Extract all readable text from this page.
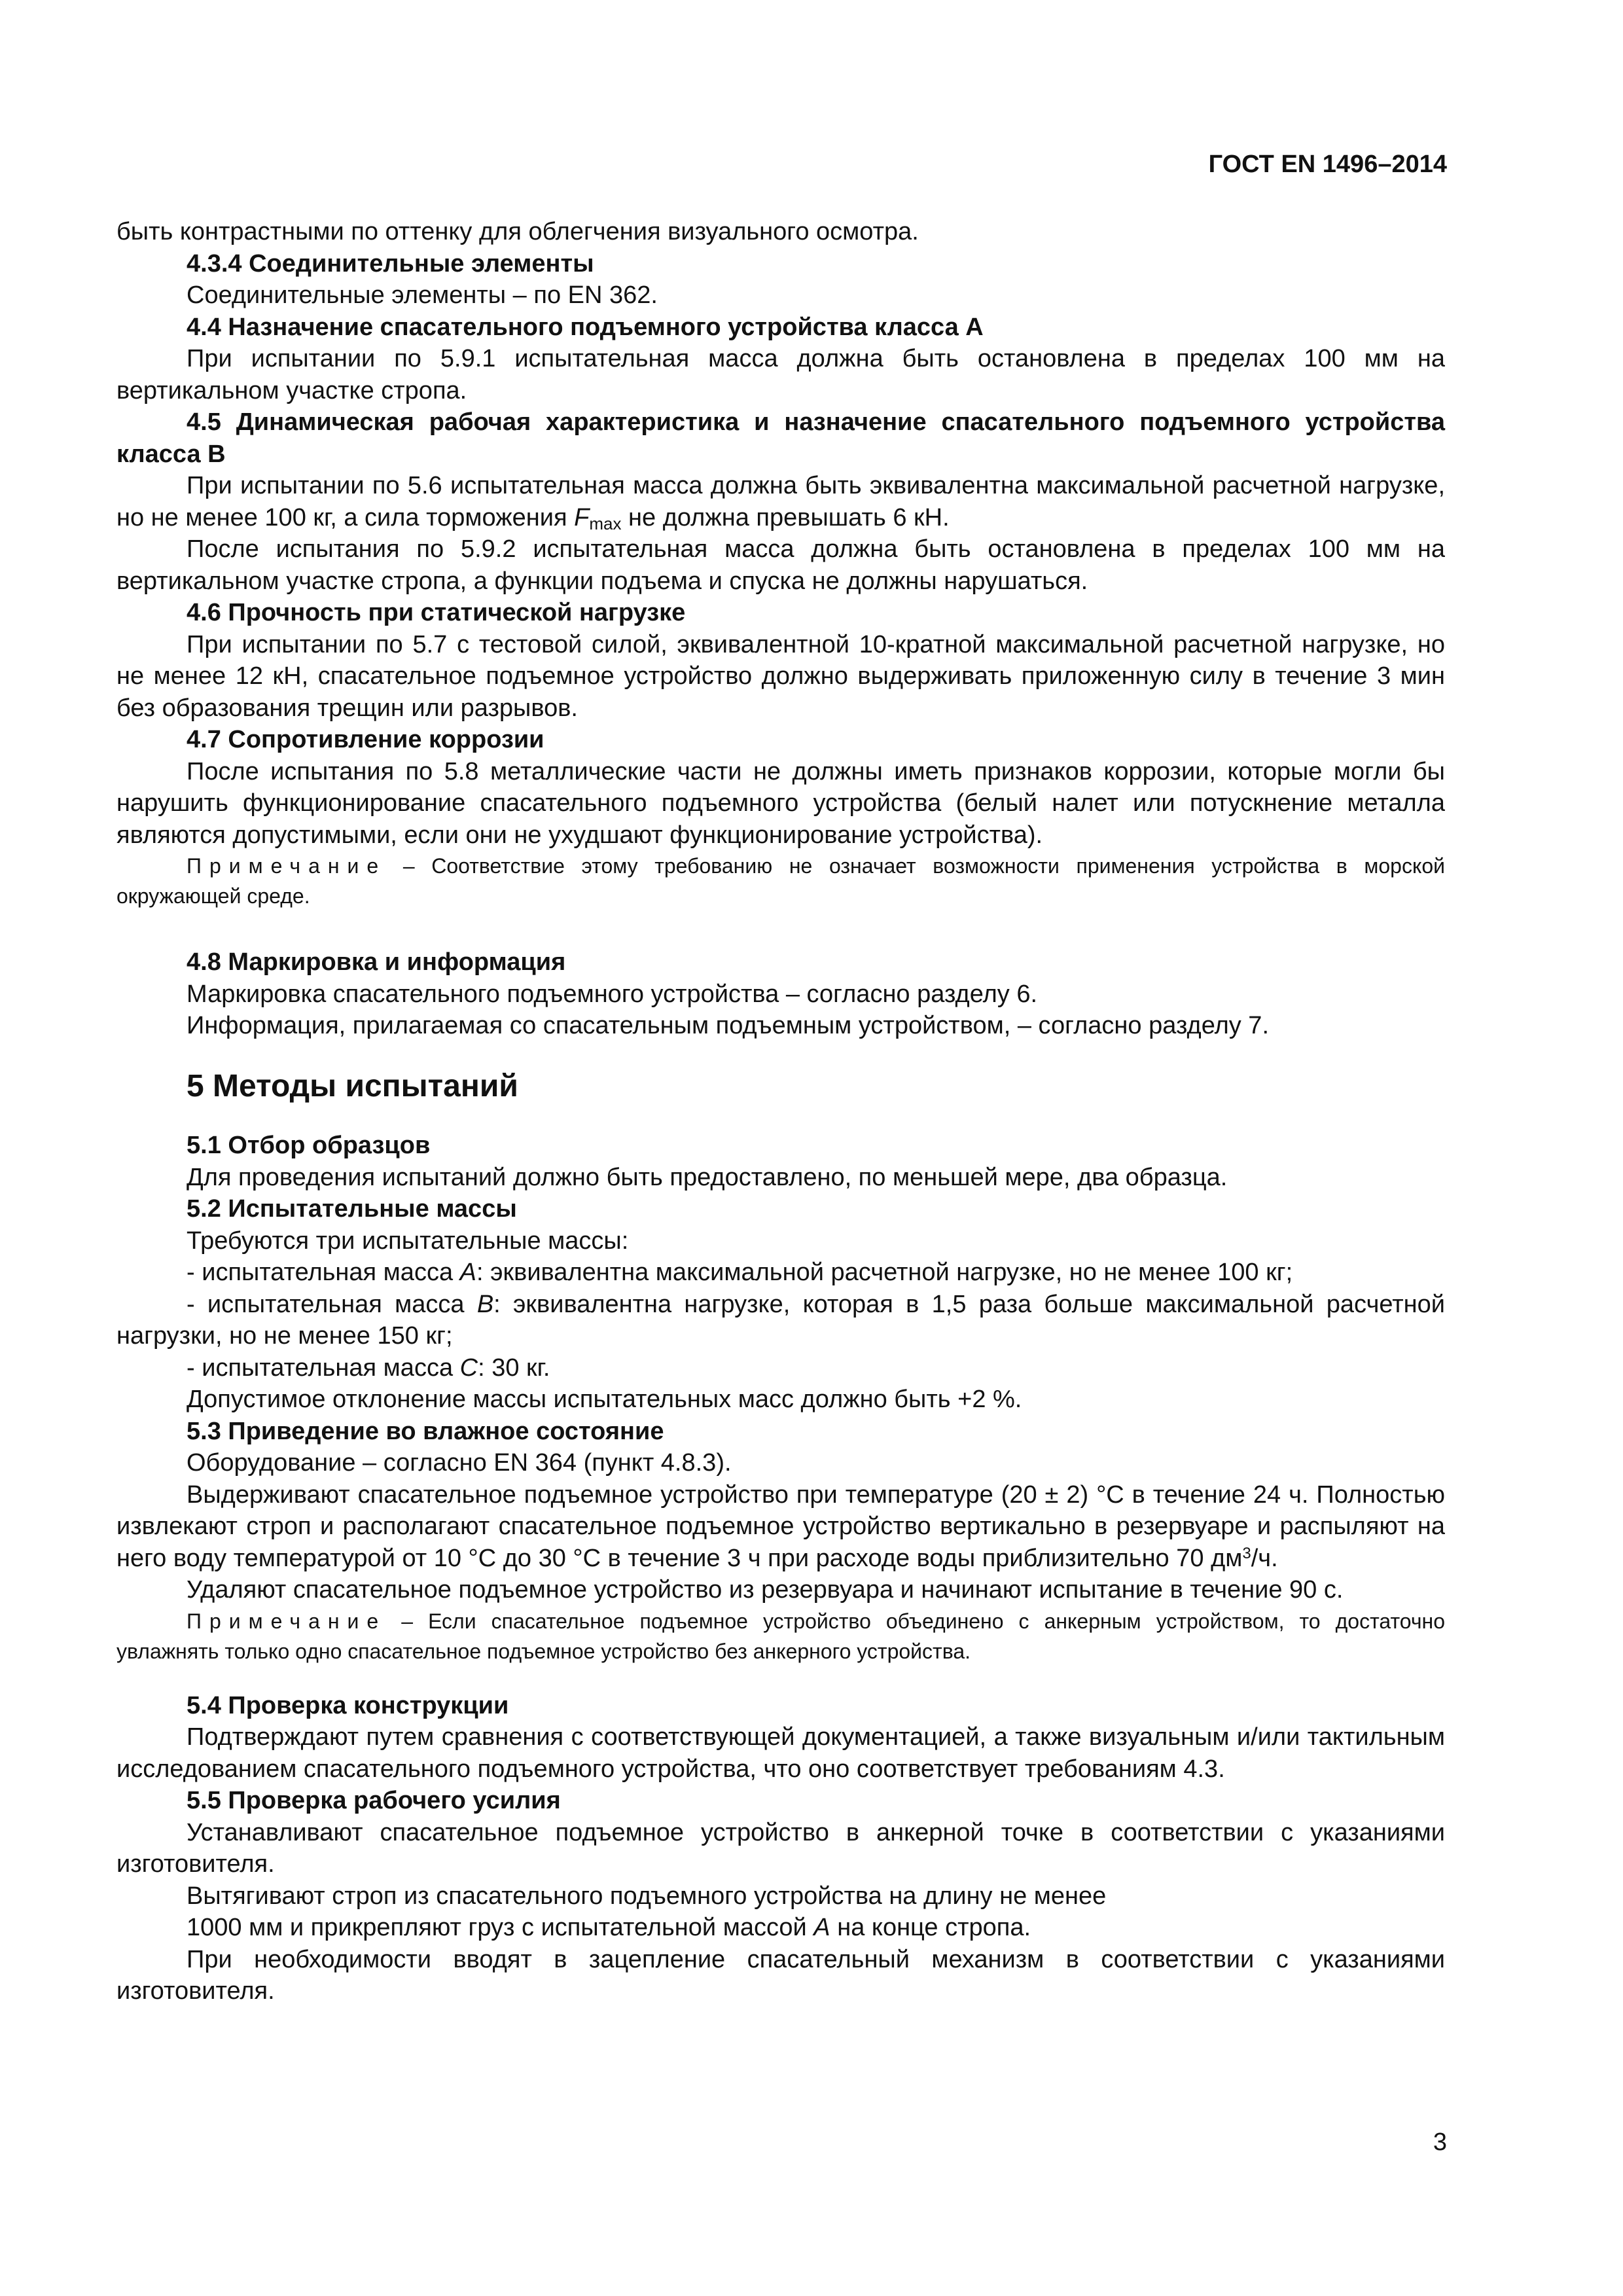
ГОСТ EN 1496–2014

быть контрастными по оттенку для облегчения визуального осмотра.

4.3.4 Соединительные элементы

Соединительные элементы – по EN 362.

4.4 Назначение спасательного подъемного устройства класса А

При испытании по 5.9.1 испытательная масса должна быть остановлена в пределах 100 мм на вертикальном участке стропа.

4.5 Динамическая рабочая характеристика и назначение спасательного подъемного устройства класса В

При испытании по 5.6 испытательная масса должна быть эквивалентна максимальной расчетной нагрузке, но не менее 100 кг, а сила торможения $F_{max}$ не должна превышать 6 кН.

После испытания по 5.9.2 испытательная масса должна быть остановлена в пределах 100 мм на вертикальном участке стропа, а функции подъема и спуска не должны нарушаться.

4.6 Прочность при статической нагрузке

При испытании по 5.7 с тестовой силой, эквивалентной 10-кратной максимальной расчетной нагрузке, но не менее 12 кН, спасательное подъемное устройство должно выдерживать приложенную силу в течение 3 мин без образования трещин или разрывов.

4.7 Сопротивление коррозии

После испытания по 5.8 металлические части не должны иметь признаков коррозии, которые могли бы нарушить функционирование спасательного подъемного устройства (белый налет или потускнение металла являются допустимыми, если они не ухудшают функционирование устройства).

Примечание – Соответствие этому требованию не означает возможности применения устройства в морской окружающей среде.

4.8 Маркировка и информация

Маркировка спасательного подъемного устройства – согласно разделу 6.

Информация, прилагаемая со спасательным подъемным устройством, – согласно разделу 7.

5 Методы испытаний

5.1 Отбор образцов

Для проведения испытаний должно быть предоставлено, по меньшей мере, два образца.

5.2 Испытательные массы

Требуются три испытательные массы:

- испытательная масса А: эквивалентна максимальной расчетной нагрузке, но не менее 100 кг;

- испытательная масса В: эквивалентна нагрузке, которая в 1,5 раза больше максимальной расчетной нагрузки, но не менее 150 кг;

- испытательная масса С: 30 кг.

Допустимое отклонение массы испытательных масс должно быть +2 %.

5.3 Приведение во влажное состояние

Оборудование – согласно EN 364 (пункт 4.8.3).

Выдерживают спасательное подъемное устройство при температуре (20 ± 2) °С в течение 24 ч. Полностью извлекают строп и располагают спасательное подъемное устройство вертикально в резервуаре и распыляют на него воду температурой от 10 °С до 30 °С в течение 3 ч при расходе воды приблизительно 70 $дм^3/ч$.

Удаляют спасательное подъемное устройство из резервуара и начинают испытание в течение 90 с.

Примечание – Если спасательное подъемное устройство объединено с анкерным устройством, то достаточно увлажнять только одно спасательное подъемное устройство без анкерного устройства.

5.4 Проверка конструкции

Подтверждают путем сравнения с соответствующей документацией, а также визуальным и/или тактильным исследованием спасательного подъемного устройства, что оно соответствует требованиям 4.3.

5.5 Проверка рабочего усилия

Устанавливают спасательное подъемное устройство в анкерной точке в соответствии с указаниями изготовителя.

Вытягивают строп из спасательного подъемного устройства на длину не менее

1000 мм и прикрепляют груз с испытательной массой А на конце стропа.

При необходимости вводят в зацепление спасательный механизм в соответствии с указаниями изготовителя.

3
